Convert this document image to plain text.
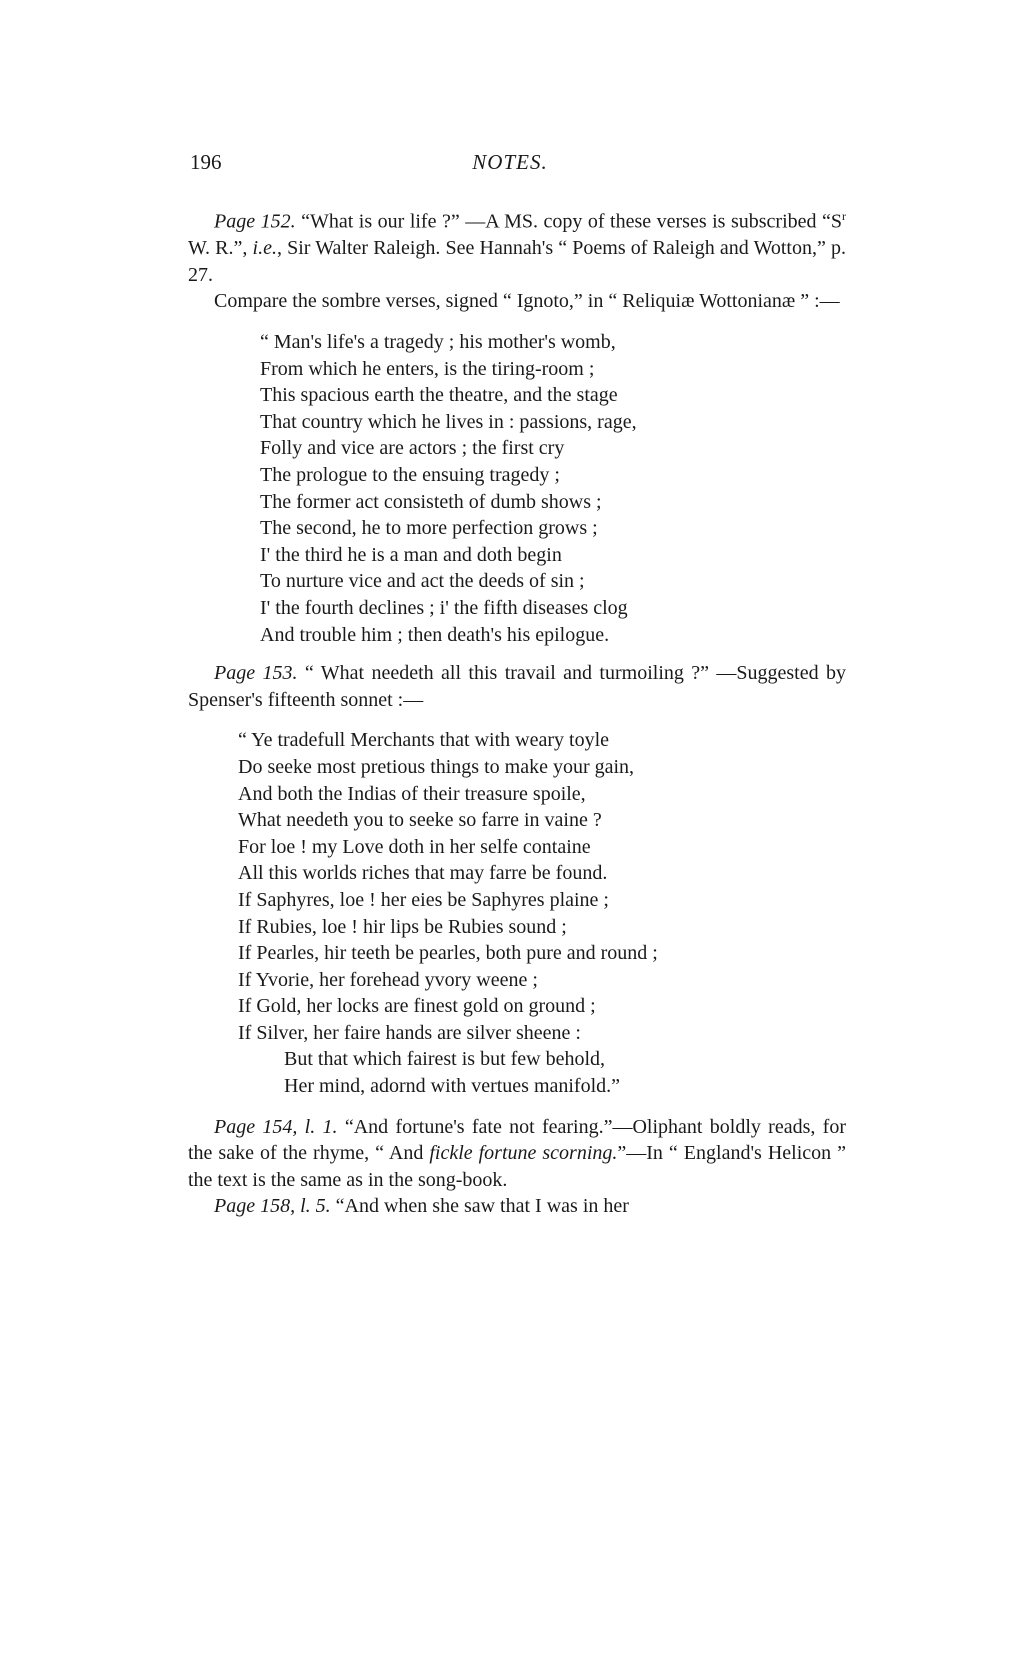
196	NOTES.

Page 152. “What is our life ?” —A MS. copy of these verses is subscribed “$S^r$ W. R.”, i.e., Sir Walter Raleigh. See Hannah's “ Poems of Raleigh and Wotton,” p. 27.

Compare the sombre verses, signed “ Ignoto,” in “ Reliquiæ Wottonianæ ” :—

“ Man's life's a tragedy ; his mother's womb,
From which he enters, is the tiring-room ;
This spacious earth the theatre, and the stage
That country which he lives in : passions, rage,
Folly and vice are actors ; the first cry
The prologue to the ensuing tragedy ;
The former act consisteth of dumb shows ;
The second, he to more perfection grows ;
I' the third he is a man and doth begin
To nurture vice and act the deeds of sin ;
I' the fourth declines ; i' the fifth diseases clog
And trouble him ; then death's his epilogue.

Page 153. “ What needeth all this travail and turmoiling ?” —Suggested by Spenser's fifteenth sonnet :—

“ Ye tradefull Merchants that with weary toyle
Do seeke most pretious things to make your gain,
And both the Indias of their treasure spoile,
What needeth you to seeke so farre in vaine ?
For loe ! my Love doth in her selfe containe
All this worlds riches that may farre be found.
If Saphyres, loe ! her eies be Saphyres plaine ;
If Rubies, loe ! hir lips be Rubies sound ;
If Pearles, hir teeth be pearles, both pure and round ;
If Yvorie, her forehead yvory weene ;
If Gold, her locks are finest gold on ground ;
If Silver, her faire hands are silver sheene :
But that which fairest is but few behold,
Her mind, adornd with vertues manifold.”

Page 154, l. 1. “And fortune's fate not fearing.”—Oliphant boldly reads, for the sake of the rhyme, “ And fickle fortune scorning.”—In “ England's Helicon ” the text is the same as in the song-book.

Page 158, l. 5. “And when she saw that I was in her
